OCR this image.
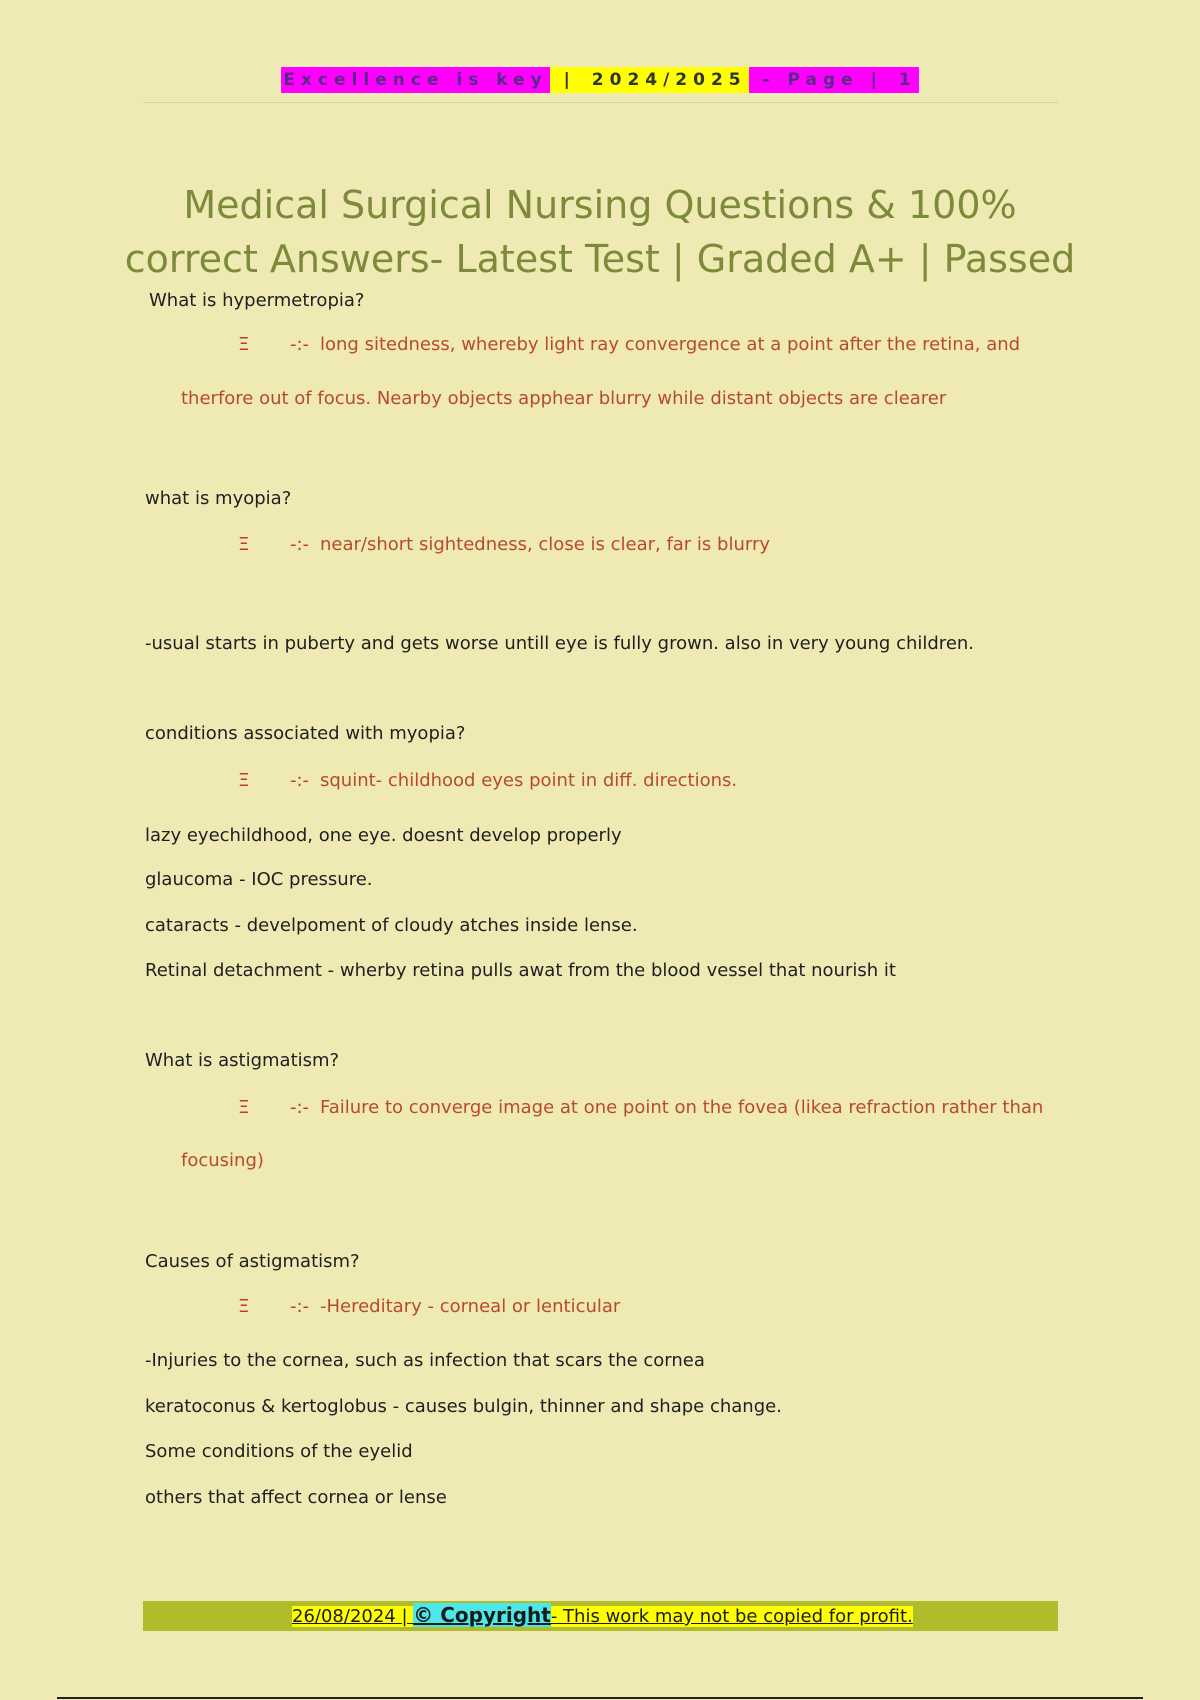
Excellence is key | 2024/2025 - Page | 1
Medical Surgical Nursing Questions & 100%
correct Answers- Latest Test | Graded A+ | Passed
What is hypermetropia?
Ξ -:- long sitedness, whereby light ray convergence at a point after the retina, and
therfore out of focus. Nearby objects apphear blurry while distant objects are clearer
what is myopia?
Ξ -:- near/short sightedness, close is clear, far is blurry
-usual starts in puberty and gets worse untill eye is fully grown. also in very young children.
conditions associated with myopia?
Ξ -:- squint- childhood eyes point in diff. directions.
lazy eyechildhood, one eye. doesnt develop properly
glaucoma - IOC pressure.
cataracts - develpoment of cloudy atches inside lense.
Retinal detachment - wherby retina pulls awat from the blood vessel that nourish it
What is astigmatism?
Ξ -:- Failure to converge image at one point on the fovea (likea refraction rather than
focusing)
Causes of astigmatism?
Ξ -:- -Hereditary - corneal or lenticular
-Injuries to the cornea, such as infection that scars the cornea
keratoconus & kertoglobus - causes bulgin, thinner and shape change.
Some conditions of the eyelid
others that affect cornea or lense
26/08/2024 | © Copyright- This work may not be copied for profit.
